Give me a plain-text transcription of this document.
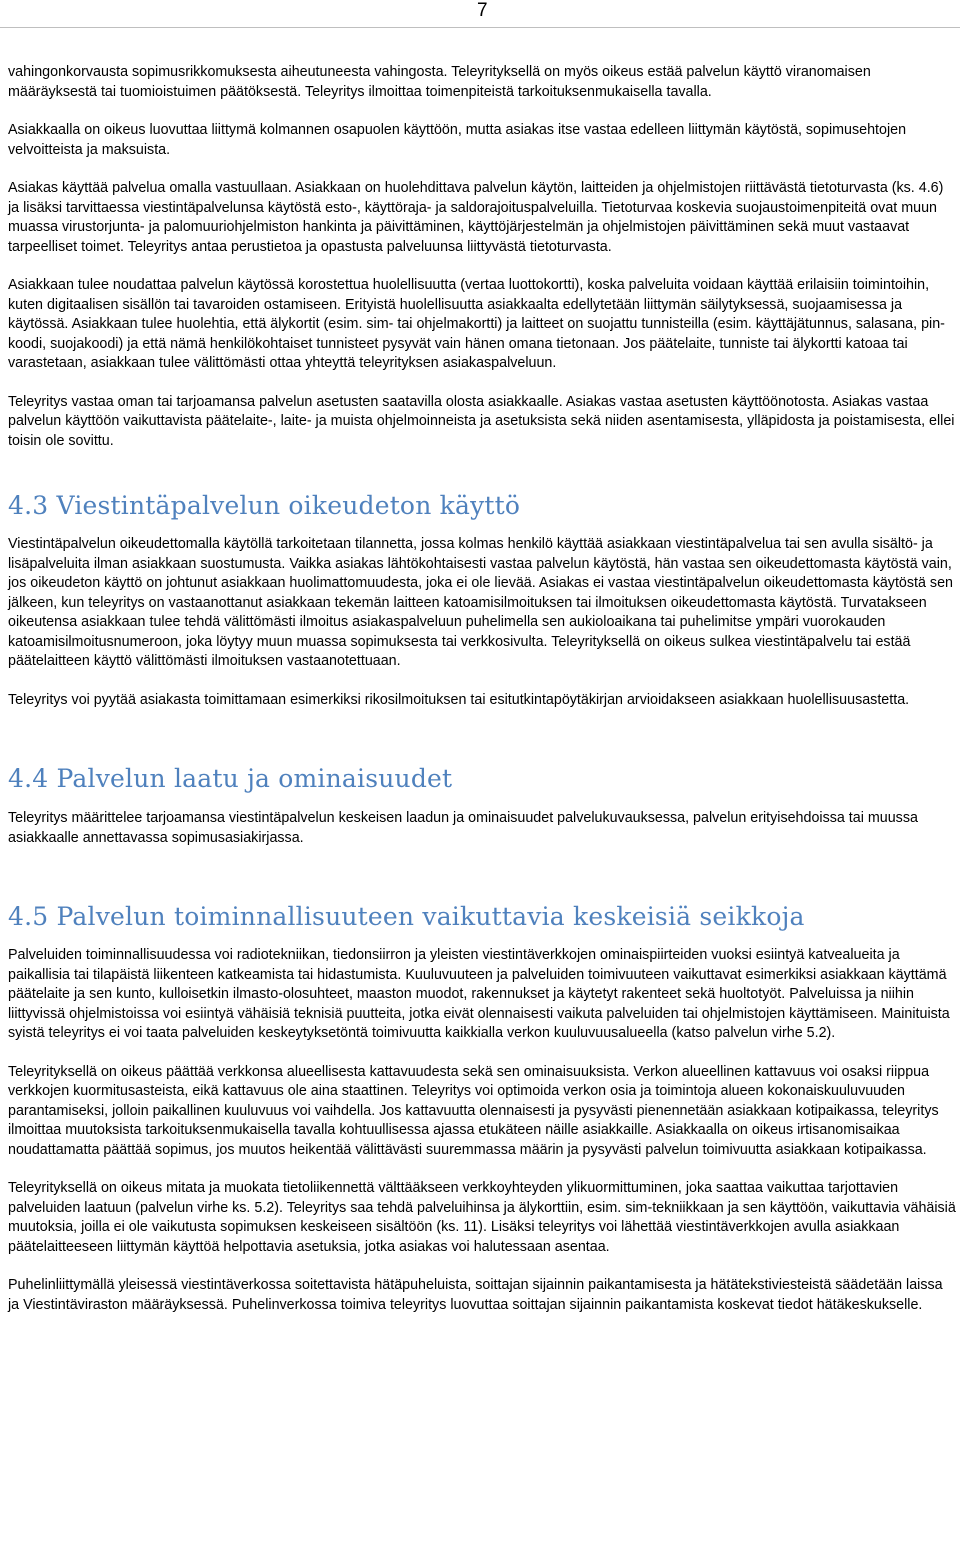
7

vahingonkorvausta sopimusrikkomuksesta aiheutuneesta vahingosta. Teleyrityksellä on myös oikeus estää palvelun käyttö viranomaisen määräyksestä tai tuomioistuimen päätöksestä. Teleyritys ilmoittaa toimenpiteistä tarkoituksenmukaisella tavalla.

Asiakkaalla on oikeus luovuttaa liittymä kolmannen osapuolen käyttöön, mutta asiakas itse vastaa edelleen liittymän käytöstä, sopimusehtojen velvoitteista ja maksuista.

Asiakas käyttää palvelua omalla vastuullaan. Asiakkaan on huolehdittava palvelun käytön, laitteiden ja ohjelmistojen riittävästä tietoturvasta (ks. 4.6) ja lisäksi tarvittaessa viestintäpalvelunsa käytöstä esto-, käyttöraja- ja saldorajoituspalveluilla. Tietoturvaa koskevia suojaustoimenpiteitä ovat muun muassa virustorjunta- ja palomuuriohjelmiston hankinta ja päivittäminen, käyttöjärjestelmän ja ohjelmistojen päivittäminen sekä muut vastaavat tarpeelliset toimet. Teleyritys antaa perustietoa ja opastusta palveluunsa liittyvästä tietoturvasta.

Asiakkaan tulee noudattaa palvelun käytössä korostettua huolellisuutta (vertaa luottokortti), koska palveluita voidaan käyttää erilaisiin toimintoihin, kuten digitaalisen sisällön tai tavaroiden ostamiseen. Erityistä huolellisuutta asiakkaalta edellytetään liittymän säilytyksessä, suojaamisessa ja käytössä. Asiakkaan tulee huolehtia, että älykortit (esim. sim- tai ohjelmakortti) ja laitteet on suojattu tunnisteilla (esim. käyttäjätunnus, salasana, pin-koodi, suojakoodi) ja että nämä henkilökohtaiset tunnisteet pysyvät vain hänen omana tietonaan. Jos päätelaite, tunniste tai älykortti katoaa tai varastetaan, asiakkaan tulee välittömästi ottaa yhteyttä teleyrityksen asiakaspalveluun.

Teleyritys vastaa oman tai tarjoamansa palvelun asetusten saatavilla olosta asiakkaalle. Asiakas vastaa asetusten käyttöönotosta. Asiakas vastaa palvelun käyttöön vaikuttavista päätelaite-, laite- ja muista ohjelmoinneista ja asetuksista sekä niiden asentamisesta, ylläpidosta ja poistamisesta, ellei toisin ole sovittu.

4.3 Viestintäpalvelun oikeudeton käyttö

Viestintäpalvelun oikeudettomalla käytöllä tarkoitetaan tilannetta, jossa kolmas henkilö käyttää asiakkaan viestintäpalvelua tai sen avulla sisältö- ja lisäpalveluita ilman asiakkaan suostumusta. Vaikka asiakas lähtökohtaisesti vastaa palvelun käytöstä, hän vastaa sen oikeudettomasta käytöstä vain, jos oikeudeton käyttö on johtunut asiakkaan huolimattomuudesta, joka ei ole lievää. Asiakas ei vastaa viestintäpalvelun oikeudettomasta käytöstä sen jälkeen, kun teleyritys on vastaanottanut asiakkaan tekemän laitteen katoamisilmoituksen tai ilmoituksen oikeudettomasta käytöstä. Turvatakseen oikeutensa asiakkaan tulee tehdä välittömästi ilmoitus asiakaspalveluun puhelimella sen aukioloaikana tai puhelimitse ympäri vuorokauden katoamisilmoitusnumeroon, joka löytyy muun muassa sopimuksesta tai verkkosivulta. Teleyrityksellä on oikeus sulkea viestintäpalvelu tai estää päätelaitteen käyttö välittömästi ilmoituksen vastaanotettuaan.

Teleyritys voi pyytää asiakasta toimittamaan esimerkiksi rikosilmoituksen tai esitutkintapöytäkirjan arvioidakseen asiakkaan huolellisuusastetta.

4.4 Palvelun laatu ja ominaisuudet

Teleyritys määrittelee tarjoamansa viestintäpalvelun keskeisen laadun ja ominaisuudet palvelukuvauksessa, palvelun erityisehdoissa tai muussa asiakkaalle annettavassa sopimusasiakirjassa.

4.5 Palvelun toiminnallisuuteen vaikuttavia keskeisiä seikkoja

Palveluiden toiminnallisuudessa voi radiotekniikan, tiedonsiirron ja yleisten viestintäverkkojen ominaispiirteiden vuoksi esiintyä katvealueita ja paikallisia tai tilapäistä liikenteen katkeamista tai hidastumista. Kuuluvuuteen ja palveluiden toimivuuteen vaikuttavat esimerkiksi asiakkaan käyttämä päätelaite ja sen kunto, kulloisetkin ilmasto-olosuhteet, maaston muodot, rakennukset ja käytetyt rakenteet sekä huoltotyöt. Palveluissa ja niihin liittyvissä ohjelmistoissa voi esiintyä vähäisiä teknisiä puutteita, jotka eivät olennaisesti vaikuta palveluiden tai ohjelmistojen käyttämiseen. Mainituista syistä teleyritys ei voi taata palveluiden keskeytyksetöntä toimivuutta kaikkialla verkon kuuluvuusalueella (katso palvelun virhe 5.2).

Teleyrityksellä on oikeus päättää verkkonsa alueellisesta kattavuudesta sekä sen ominaisuuksista. Verkon alueellinen kattavuus voi osaksi riippua verkkojen kuormitusasteista, eikä kattavuus ole aina staattinen. Teleyritys voi optimoida verkon osia ja toimintoja alueen kokonaiskuuluvuuden parantamiseksi, jolloin paikallinen kuuluvuus voi vaihdella. Jos kattavuutta olennaisesti ja pysyvästi pienennetään asiakkaan kotipaikassa, teleyritys ilmoittaa muutoksista tarkoituksenmukaisella tavalla kohtuullisessa ajassa etukäteen näille asiakkaille. Asiakkaalla on oikeus irtisanomisaikaa noudattamatta päättää sopimus, jos muutos heikentää välittävästi suuremmassa määrin ja pysyvästi palvelun toimivuutta asiakkaan kotipaikassa.

Teleyrityksellä on oikeus mitata ja muokata tietoliikennettä välttääkseen verkkoyhteyden ylikuormittuminen, joka saattaa vaikuttaa tarjottavien palveluiden laatuun (palvelun virhe ks. 5.2). Teleyritys saa tehdä palveluihinsa ja älykorttiin, esim. sim-tekniikkaan ja sen käyttöön, vaikuttavia vähäisiä muutoksia, joilla ei ole vaikutusta sopimuksen keskeiseen sisältöön (ks. 11). Lisäksi teleyritys voi lähettää viestintäverkkojen avulla asiakkaan päätelaitteeseen liittymän käyttöä helpottavia asetuksia, jotka asiakas voi halutessaan asentaa.

Puhelinliittymällä yleisessä viestintäverkossa soitettavista hätäpuheluista, soittajan sijainnin paikantamisesta ja hätätekstiviesteistä säädetään laissa ja Viestintäviraston määräyksessä. Puhelinverkossa toimiva teleyritys luovuttaa soittajan sijainnin paikantamista koskevat tiedot hätäkeskukselle.
